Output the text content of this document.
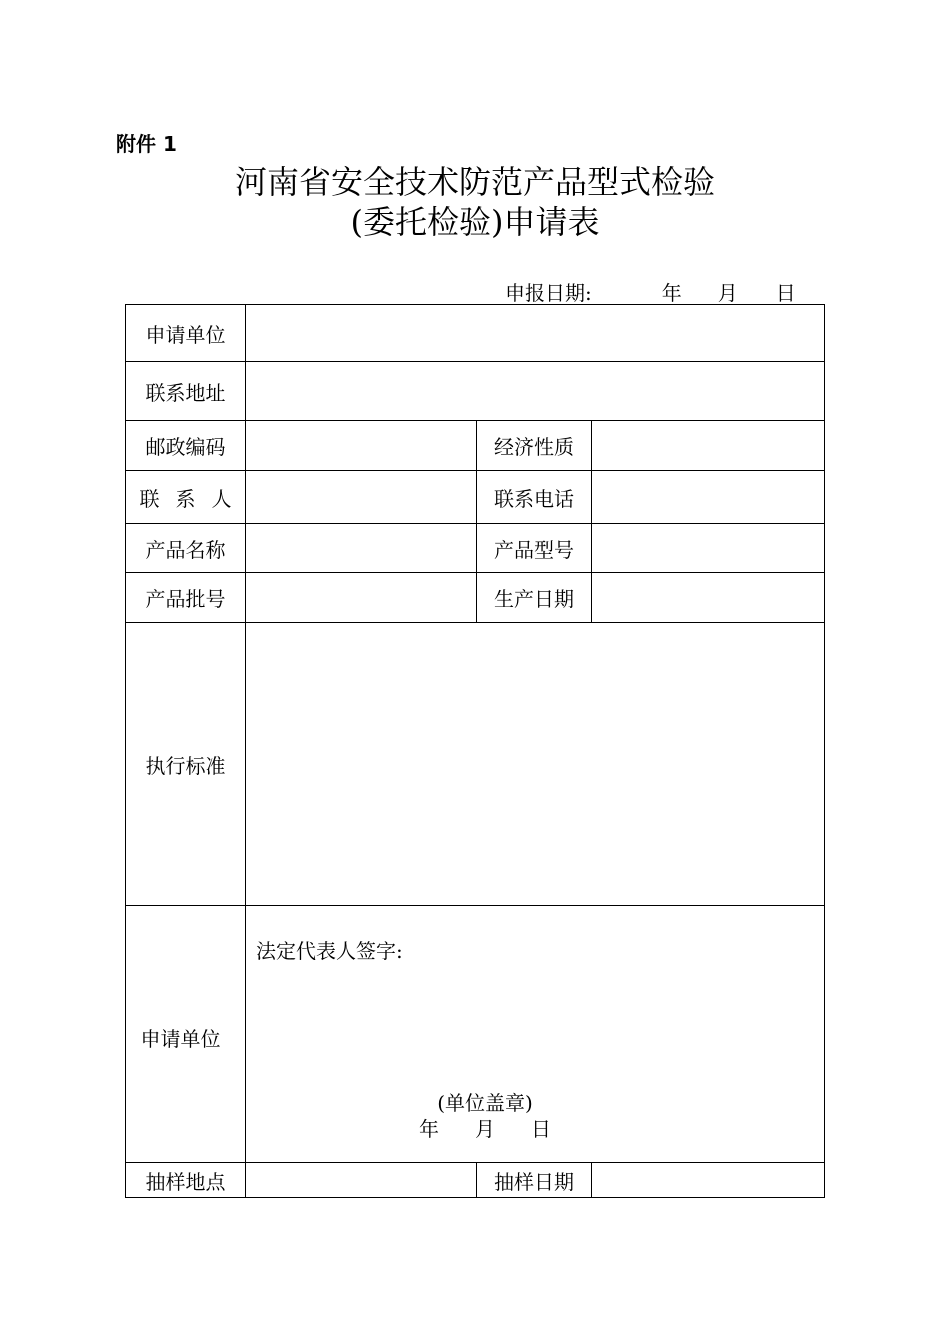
附件 1
河南省安全技术防范产品型式检验
(委托检验)申请表
申报日期:	年 月 日
申请单位			
联系地址			
邮政编码		经济性质	
联 系 人		联系电话	
产品名称		产品型号	
产品批号		生产日期	
执行标准			
申请单位	法定代表人签字:
(单位盖章)
年 月 日		

抽样地点		抽样日期	
